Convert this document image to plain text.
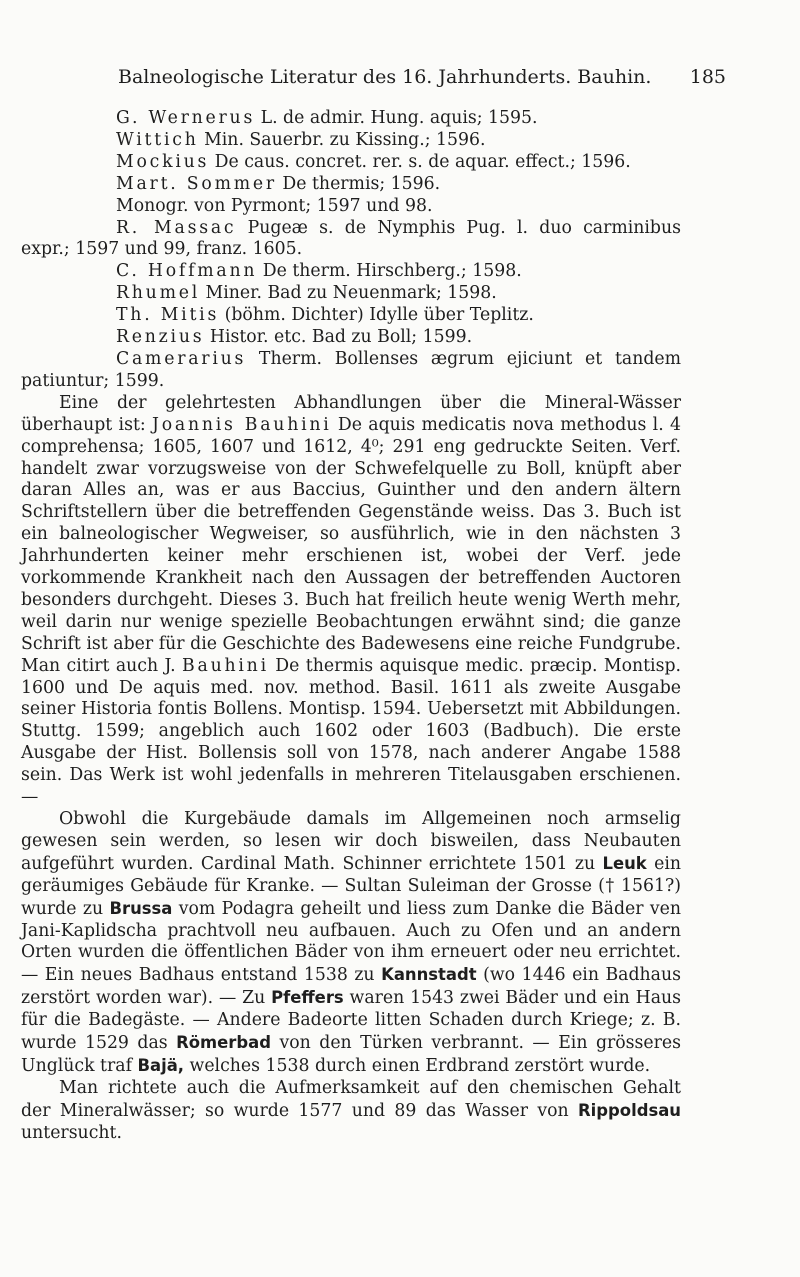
Balneologische Literatur des 16. Jahrhunderts. Bauhin. 185

G. Wernerus L. de admir. Hung. aquis; 1595.

Wittich Min. Sauerbr. zu Kissing.; 1596.

Mockius De caus. concret. rer. s. de aquar. effect.; 1596.

Mart. Sommer De thermis; 1596.

Monogr. von Pyrmont; 1597 und 98.

R. Massac Pugeæ s. de Nymphis Pug. l. duo carminibus expr.; 1597 und 99, franz. 1605.

C. Hoffmann De therm. Hirschberg.; 1598.

Rhumel Miner. Bad zu Neuenmark; 1598.

Th. Mitis (böhm. Dichter) Idylle über Teplitz.

Renzius Histor. etc. Bad zu Boll; 1599.

Camerarius Therm. Bollenses ægrum ejiciunt et tandem patiuntur; 1599.

Eine der gelehrtesten Abhandlungen über die Mineral-Wässer überhaupt ist: Joannis Bauhini De aquis medicatis nova methodus l. 4 comprehensa; 1605, 1607 und 1612, 4⁰; 291 eng gedruckte Seiten. Verf. handelt zwar vorzugsweise von der Schwefelquelle zu Boll, knüpft aber daran Alles an, was er aus Baccius, Guinther und den andern ältern Schriftstellern über die betreffenden Gegenstände weiss. Das 3. Buch ist ein balneologischer Wegweiser, so ausführlich, wie in den nächsten 3 Jahrhunderten keiner mehr erschienen ist, wobei der Verf. jede vorkommende Krankheit nach den Aussagen der betreffenden Auctoren besonders durchgeht. Dieses 3. Buch hat freilich heute wenig Werth mehr, weil darin nur wenige spezielle Beobachtungen erwähnt sind; die ganze Schrift ist aber für die Geschichte des Badewesens eine reiche Fundgrube. Man citirt auch J. Bauhini De thermis aquisque medic. præcip. Montisp. 1600 und De aquis med. nov. method. Basil. 1611 als zweite Ausgabe seiner Historia fontis Bollens. Montisp. 1594. Uebersetzt mit Abbildungen. Stuttg. 1599; angeblich auch 1602 oder 1603 (Badbuch). Die erste Ausgabe der Hist. Bollensis soll von 1578, nach anderer Angabe 1588 sein. Das Werk ist wohl jedenfalls in mehreren Titelausgaben erschienen. —

Obwohl die Kurgebäude damals im Allgemeinen noch armselig gewesen sein werden, so lesen wir doch bisweilen, dass Neubauten aufgeführt wurden. Cardinal Math. Schinner errichtete 1501 zu Leuk ein geräumiges Gebäude für Kranke. — Sultan Suleiman der Grosse († 1561?) wurde zu Brussa vom Podagra geheilt und liess zum Danke die Bäder ven Jani-Kaplidscha prachtvoll neu aufbauen. Auch zu Ofen und an andern Orten wurden die öffentlichen Bäder von ihm erneuert oder neu errichtet. — Ein neues Badhaus entstand 1538 zu Kannstadt (wo 1446 ein Badhaus zerstört worden war). — Zu Pfeffers waren 1543 zwei Bäder und ein Haus für die Badegäste. — Andere Badeorte litten Schaden durch Kriege; z. B. wurde 1529 das Römerbad von den Türken verbrannt. — Ein grösseres Unglück traf Bajä, welches 1538 durch einen Erdbrand zerstört wurde.

Man richtete auch die Aufmerksamkeit auf den chemischen Gehalt der Mineralwässer; so wurde 1577 und 89 das Wasser von Rippoldsau untersucht.
